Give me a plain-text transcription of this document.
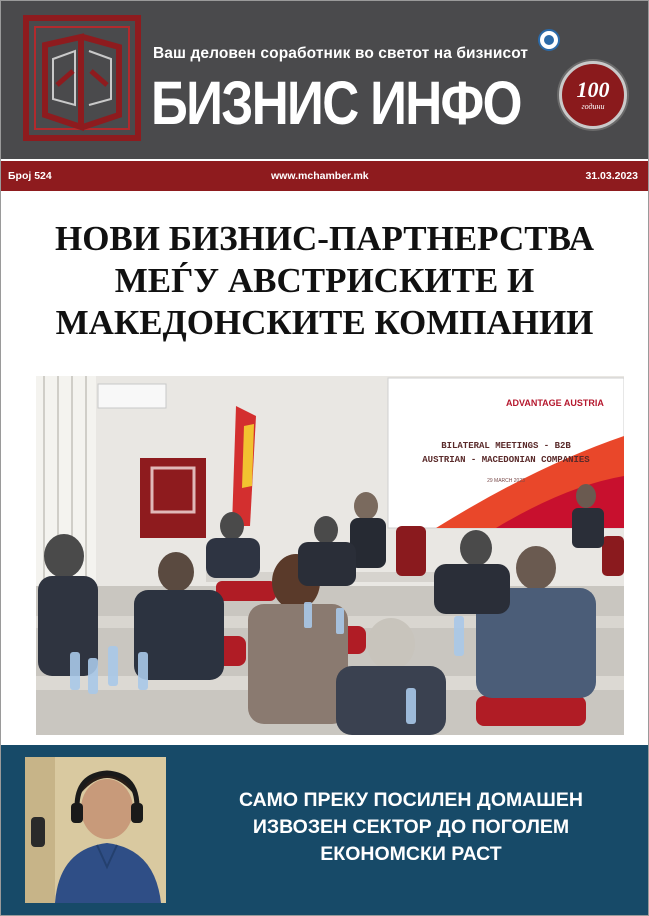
Ваш деловен соработник во светот на бизнисот
БИЗНИС ИНФО	100
години
Број 524	www.mchamber.mk	31.03.2023
НОВИ БИЗНИС-ПАРТНЕРСТВА
МЕЃУ АВСТРИСКИТЕ И
МАКЕДОНСКИТЕ КОМПАНИИ
ADVANTAGE AUSTRIA
BILATERAL MEETINGS - B2B
AUSTRIAN - MACEDONIAN COMPANIES
29 MARCH 2023
САМО ПРЕКУ ПОСИЛЕН ДОМАШЕН
ИЗВОЗЕН СЕКТОР ДО ПОГОЛЕМ
ЕКОНОМСКИ РАСТ
